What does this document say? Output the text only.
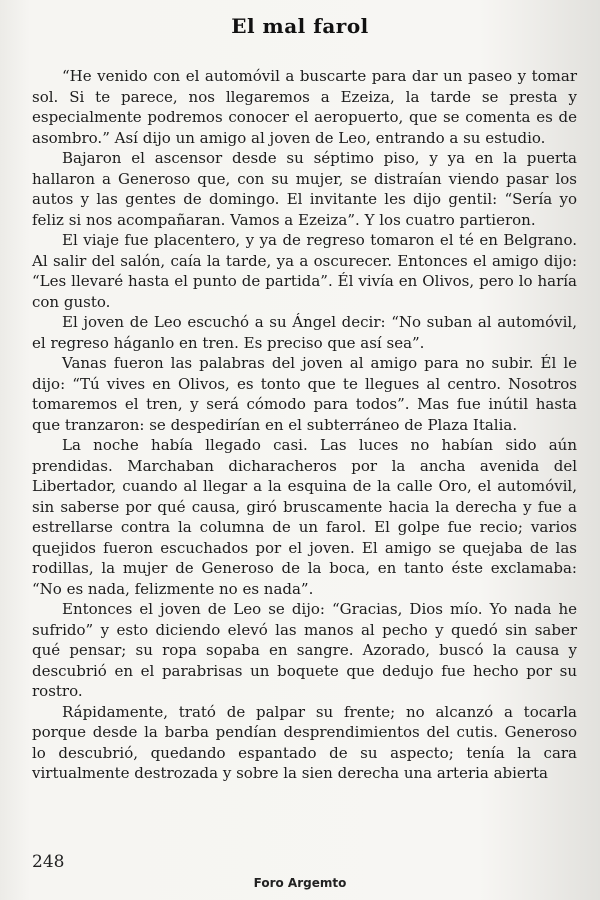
El mal farol

“He venido con el automóvil a buscarte para dar un paseo y tomar sol. Si te parece, nos llegaremos a Ezeiza, la tarde se presta y especialmente podremos conocer el aeropuerto, que se comenta es de asombro.” Así dijo un amigo al joven de Leo, entrando a su estudio.

Bajaron el ascensor desde su séptimo piso, y ya en la puerta hallaron a Generoso que, con su mujer, se distraían viendo pasar los autos y las gentes de domingo. El invitante les dijo gentil: “Sería yo feliz si nos acompañaran. Vamos a Ezeiza”. Y los cuatro partieron.

El viaje fue placentero, y ya de regreso tomaron el té en Belgrano. Al salir del salón, caía la tarde, ya a oscurecer. Entonces el amigo dijo: “Les llevaré hasta el punto de partida”. Él vivía en Olivos, pero lo haría con gusto.

El joven de Leo escuchó a su Ángel decir: “No suban al automóvil, el regreso háganlo en tren. Es preciso que así sea”.

Vanas fueron las palabras del joven al amigo para no subir. Él le dijo: “Tú vives en Olivos, es tonto que te llegues al centro. Nosotros tomaremos el tren, y será cómodo para todos”. Mas fue inútil hasta que tranzaron: se despedirían en el subterráneo de Plaza Italia.

La noche había llegado casi. Las luces no habían sido aún prendidas. Marchaban dicharacheros por la ancha avenida del Libertador, cuando al llegar a la esquina de la calle Oro, el automóvil, sin saberse por qué causa, giró bruscamente hacia la derecha y fue a estrellarse contra la columna de un farol. El golpe fue recio; varios quejidos fueron escuchados por el joven. El amigo se quejaba de las rodillas, la mujer de Generoso de la boca, en tanto éste exclamaba: “No es nada, felizmente no es nada”.

Entonces el joven de Leo se dijo: “Gracias, Dios mío. Yo nada he sufrido” y esto diciendo elevó las manos al pecho y quedó sin saber qué pensar; su ropa sopaba en sangre. Azorado, buscó la causa y descubrió en el parabrisas un boquete que dedujo fue hecho por su rostro.

Rápidamente, trató de palpar su frente; no alcanzó a tocarla porque desde la barba pendían desprendimientos del cutis. Generoso lo descubrió, quedando espantado de su aspecto; tenía la cara virtualmente destrozada y sobre la sien derecha una arteria abierta

248
Foro Argemto
